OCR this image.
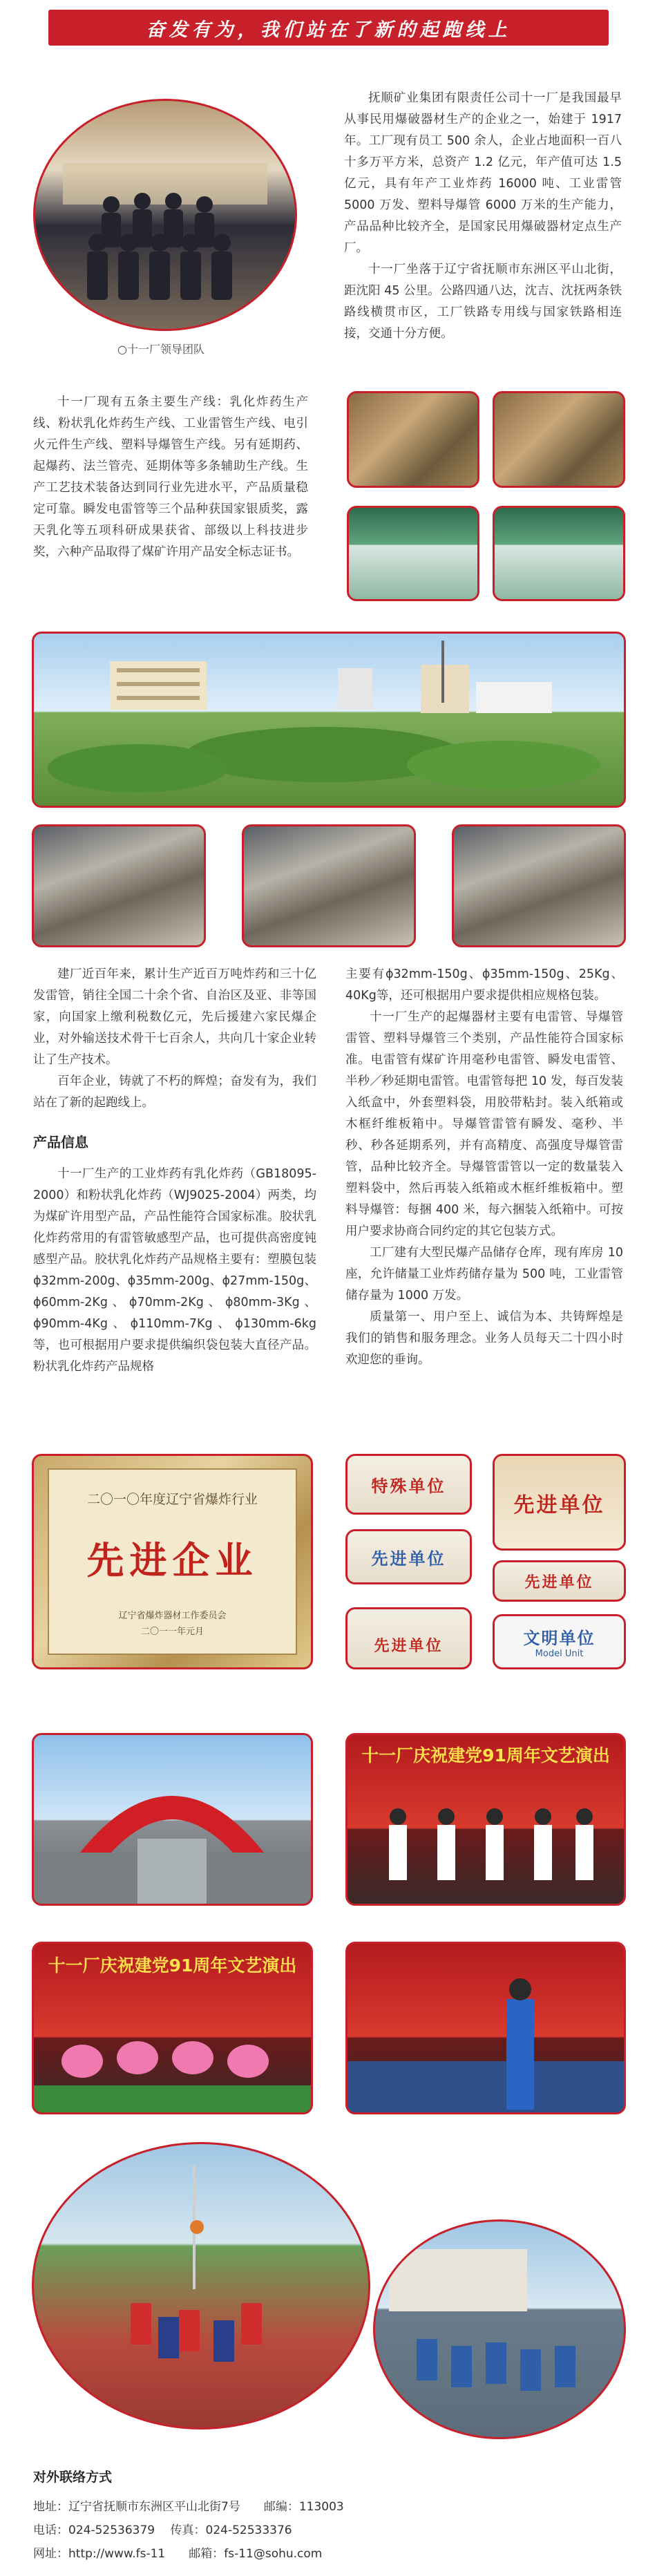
奋发有为，我们站在了新的起跑线上
○十一厂领导团队

抚顺矿业集团有限责任公司十一厂是我国最早从事民用爆破器材生产的企业之一，始建于 1917 年。工厂现有员工 500 余人，企业占地面积一百八十多万平方米，总资产 1.2 亿元，年产值可达 1.5 亿元，具有年产工业炸药 16000 吨、工业雷管 5000 万发、塑料导爆管 6000 万米的生产能力，产品品种比较齐全，是国家民用爆破器材定点生产厂。

十一厂坐落于辽宁省抚顺市东洲区平山北街，距沈阳 45 公里。公路四通八达，沈吉、沈抚两条铁路线横贯市区，工厂铁路专用线与国家铁路相连接，交通十分方便。

十一厂现有五条主要生产线：乳化炸药生产线、粉状乳化炸药生产线、工业雷管生产线、电引火元件生产线、塑料导爆管生产线。另有延期药、起爆药、法兰管壳、延期体等多条辅助生产线。生产工艺技术装备达到同行业先进水平，产品质量稳定可靠。瞬发电雷管等三个品种获国家银质奖，露天乳化等五项科研成果获省、部级以上科技进步奖，六种产品取得了煤矿许用产品安全标志证书。

建厂近百年来，累计生产近百万吨炸药和三十亿发雷管，销往全国二十余个省、自治区及亚、非等国家，向国家上缴利税数亿元，先后援建六家民爆企业，对外输送技术骨干七百余人，共向几十家企业转让了生产技术。

百年企业，铸就了不朽的辉煌；奋发有为，我们站在了新的起跑线上。

产品信息

十一厂生产的工业炸药有乳化炸药（GB18095-2000）和粉状乳化炸药（WJ9025-2004）两类，均为煤矿许用型产品，产品性能符合国家标准。胶状乳化炸药常用的有雷管敏感型产品，也可提供高密度钝感型产品。胶状乳化炸药产品规格主要有：塑膜包装 ϕ32mm-200g、ϕ35mm-200g、ϕ27mm-150g、ϕ60mm-2Kg、ϕ70mm-2Kg、ϕ80mm-3Kg、ϕ90mm-4Kg、ϕ110mm-7Kg、ϕ130mm-6kg 等，也可根据用户要求提供编织袋包装大直径产品。粉状乳化炸药产品规格

主要有ϕ32mm-150g、ϕ35mm-150g、25Kg、40Kg等，还可根据用户要求提供相应规格包装。

十一厂生产的起爆器材主要有电雷管、导爆管雷管、塑料导爆管三个类别，产品性能符合国家标准。电雷管有煤矿许用毫秒电雷管、瞬发电雷管、半秒／秒延期电雷管。电雷管每把 10 发，每百发装入纸盒中，外套塑料袋，用胶带粘封。装入纸箱或木框纤维板箱中。导爆管雷管有瞬发、毫秒、半秒、秒各延期系列，并有高精度、高强度导爆管雷管，品种比较齐全。导爆管雷管以一定的数量装入塑料袋中，然后再装入纸箱或木框纤维板箱中。塑料导爆管：每捆 400 米，每六捆装入纸箱中。可按用户要求协商合同约定的其它包装方式。

工厂建有大型民爆产品储存仓库，现有库房 10 座，允许储量工业炸药储存量为 500 吨，工业雷管储存量为 1000 万发。

质量第一、用户至上、诚信为本、共铸辉煌是我们的销售和服务理念。业务人员每天二十四小时欢迎您的垂询。

二〇一〇年度辽宁省爆炸行业
先进企业
辽宁省爆炸器材工作委员会
二〇一一年元月
特殊单位
先进单位
先进单位
先进单位
先进单位	文明单位
Model Unit
十一厂庆祝建党91周年文艺演出
十一厂庆祝建党91周年文艺演出
对外联络方式
地址：辽宁省抚顺市东洲区平山北街7号　　邮编：113003
电话：024-52536379　 传真：024-52533376
网址：http://www.fs-11　　邮箱：fs-11@sohu.com
